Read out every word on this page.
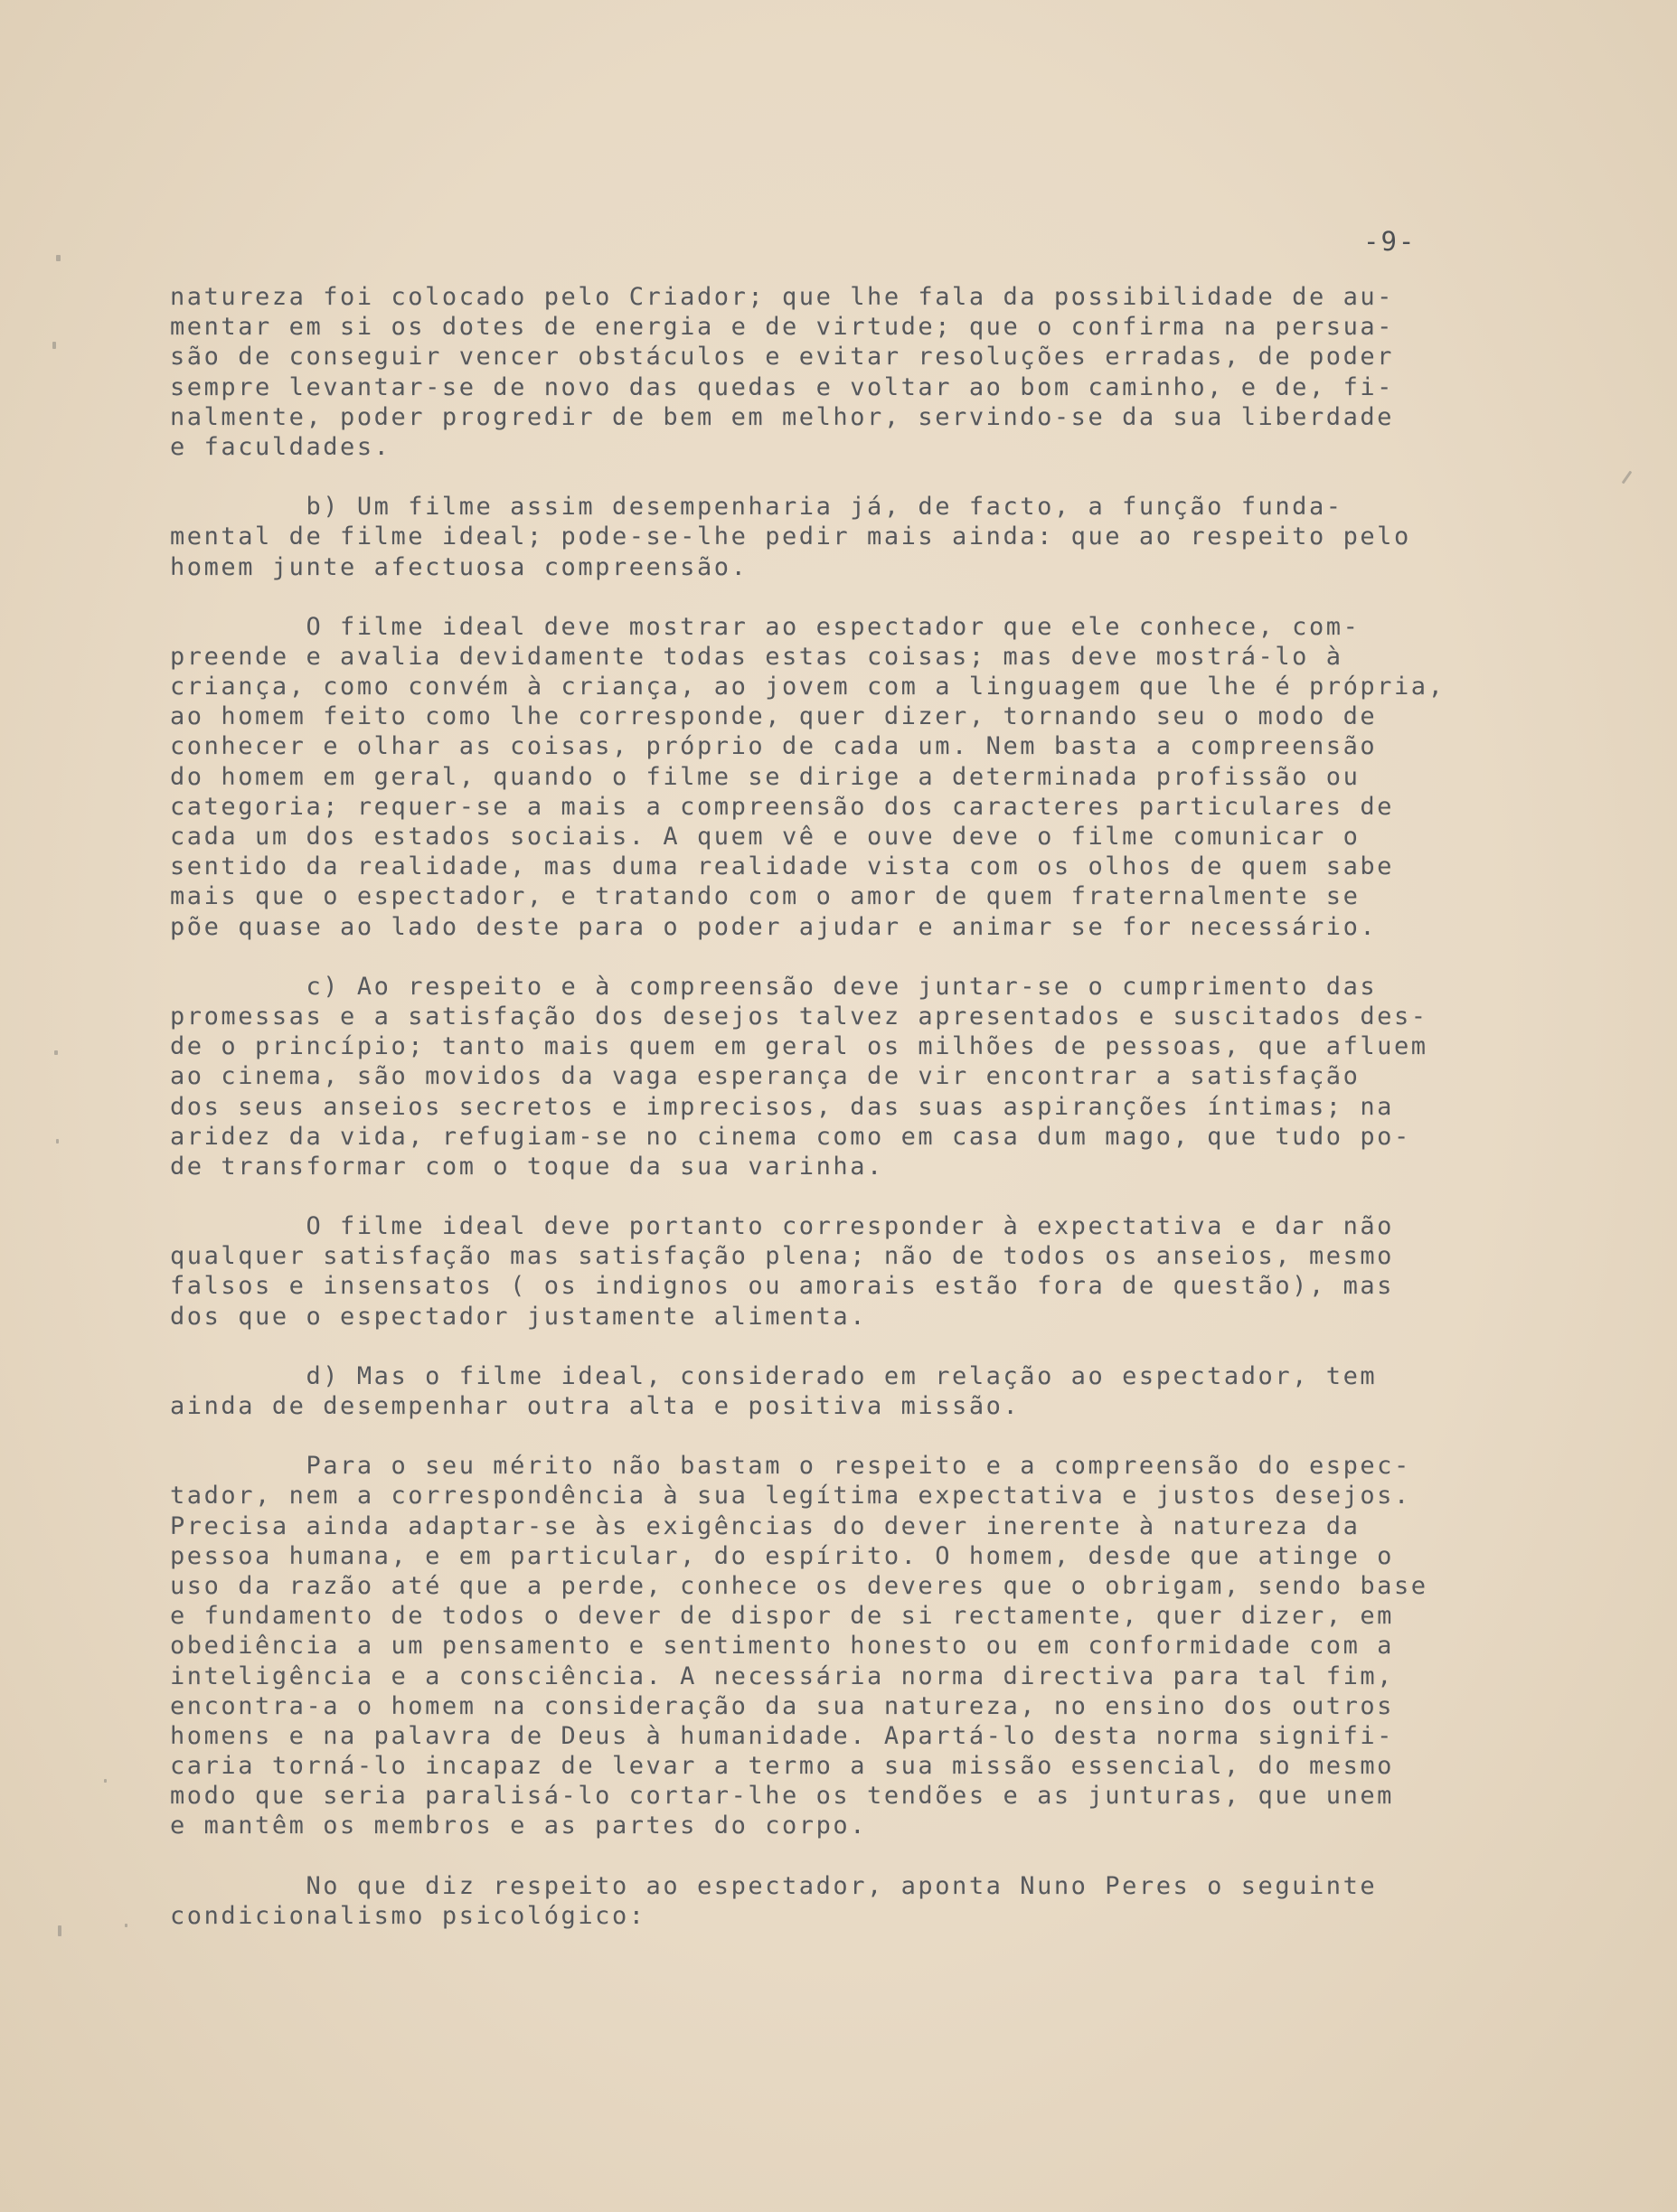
-9-

natureza foi colocado pelo Criador; que lhe fala da possibilidade de au-
mentar em si os dotes de energia e de virtude; que o confirma na persua-
são de conseguir vencer obstáculos e evitar resoluções erradas, de poder
sempre levantar-se de novo das quedas e voltar ao bom caminho, e de, fi-
nalmente, poder progredir de bem em melhor, servindo-se da sua liberdade
e faculdades.

b) Um filme assim desempenharia já, de facto, a função funda-
mental de filme ideal; pode-se-lhe pedir mais ainda: que ao respeito pelo
homem junte afectuosa compreensão.

O filme ideal deve mostrar ao espectador que ele conhece, com-
preende e avalia devidamente todas estas coisas; mas deve mostrá-lo à
criança, como convém à criança, ao jovem com a linguagem que lhe é própria,
ao homem feito como lhe corresponde, quer dizer, tornando seu o modo de
conhecer e olhar as coisas, próprio de cada um. Nem basta a compreensão
do homem em geral, quando o filme se dirige a determinada profissão ou
categoria; requer-se a mais a compreensão dos caracteres particulares de
cada um dos estados sociais. A quem vê e ouve deve o filme comunicar o
sentido da realidade, mas duma realidade vista com os olhos de quem sabe
mais que o espectador, e tratando com o amor de quem fraternalmente se
põe quase ao lado deste para o poder ajudar e animar se for necessário.

c) Ao respeito e à compreensão deve juntar-se o cumprimento das
promessas e a satisfação dos desejos talvez apresentados e suscitados des-
de o princípio; tanto mais quem em geral os milhões de pessoas, que afluem
ao cinema, são movidos da vaga esperança de vir encontrar a satisfação
dos seus anseios secretos e imprecisos, das suas aspiranções íntimas; na
aridez da vida, refugiam-se no cinema como em casa dum mago, que tudo po-
de transformar com o toque da sua varinha.

O filme ideal deve portanto corresponder à expectativa e dar não
qualquer satisfação mas satisfação plena; não de todos os anseios, mesmo
falsos e insensatos ( os indignos ou amorais estão fora de questão), mas
dos que o espectador justamente alimenta.

d) Mas o filme ideal, considerado em relação ao espectador, tem
ainda de desempenhar outra alta e positiva missão.

Para o seu mérito não bastam o respeito e a compreensão do espec-
tador, nem a correspondência à sua legítima expectativa e justos desejos.
Precisa ainda adaptar-se às exigências do dever inerente à natureza da
pessoa humana, e em particular, do espírito. O homem, desde que atinge o
uso da razão até que a perde, conhece os deveres que o obrigam, sendo base
e fundamento de todos o dever de dispor de si rectamente, quer dizer, em
obediência a um pensamento e sentimento honesto ou em conformidade com a
inteligência e a consciência. A necessária norma directiva para tal fim,
encontra-a o homem na consideração da sua natureza, no ensino dos outros
homens e na palavra de Deus à humanidade. Apartá-lo desta norma signifi-
caria torná-lo incapaz de levar a termo a sua missão essencial, do mesmo
modo que seria paralisá-lo cortar-lhe os tendões e as junturas, que unem
e mantêm os membros e as partes do corpo.

No que diz respeito ao espectador, aponta Nuno Peres o seguinte
condicionalismo psicológico:
